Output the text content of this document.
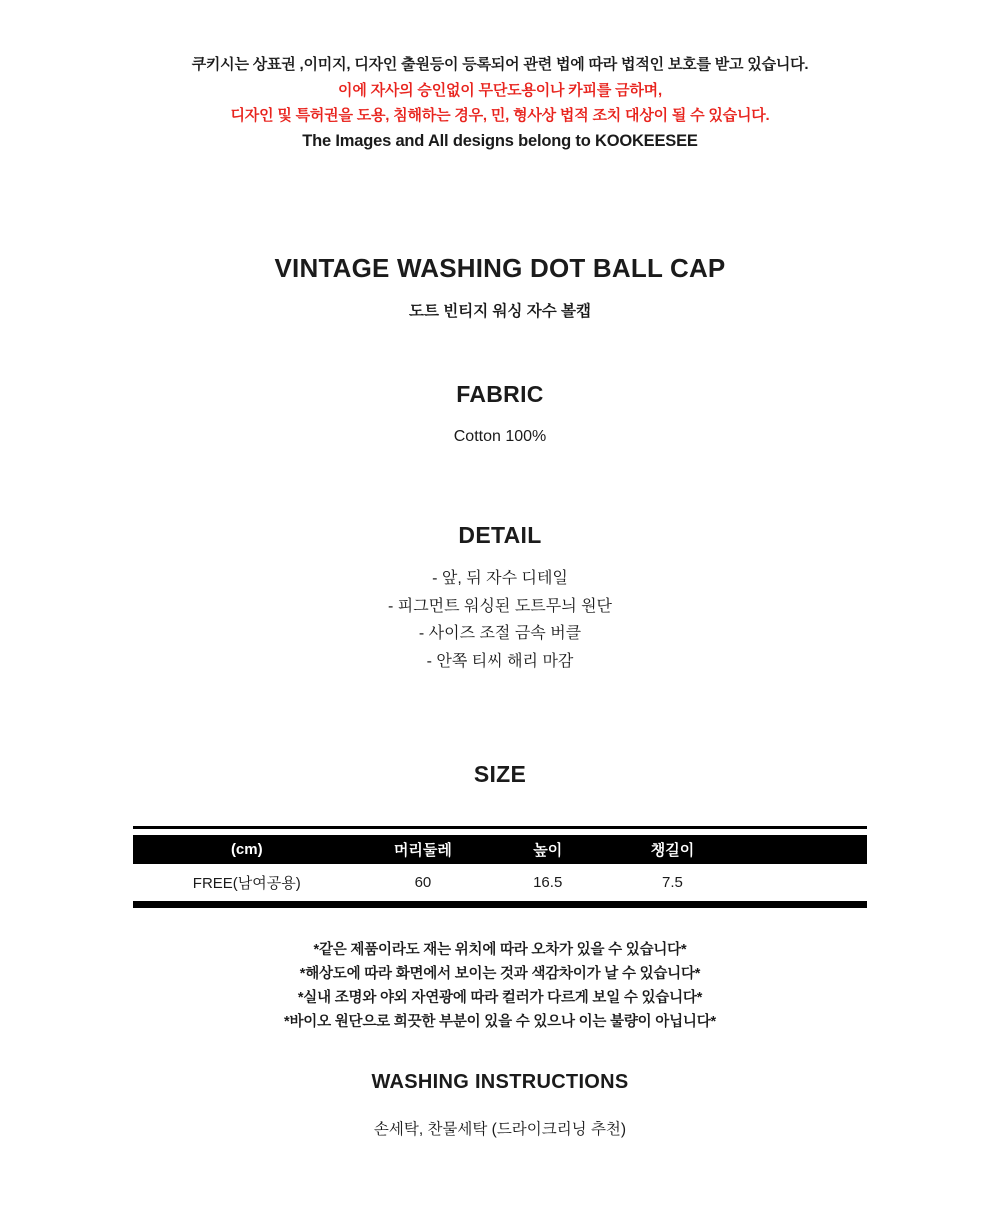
쿠키시는 상표권 ,이미지, 디자인 출원등이 등록되어 관련 법에 따라 법적인 보호를 받고 있습니다.

이에 자사의 승인없이 무단도용이나 카피를 금하며,

디자인 및 특허권을 도용, 침해하는 경우, 민, 형사상 법적 조치 대상이 될 수 있습니다.

The Images and All designs belong to KOOKEESEE

VINTAGE WASHING DOT BALL CAP

도트 빈티지 워싱 자수 볼캡

FABRIC

Cotton 100%

DETAIL

- 앞, 뒤 자수 디테일

- 피그먼트 워싱된 도트무늬 원단

- 사이즈 조절 금속 버클

- 안쪽 티씨 해리 마감

SIZE
(cm)	머리둘레	높이	챙길이	
FREE(남여공용)	60	16.5	7.5	

*같은 제품이라도 재는 위치에 따라 오차가 있을 수 있습니다*

*해상도에 따라 화면에서 보이는 것과 색감차이가 날 수 있습니다*

*실내 조명와 야외 자연광에 따라 컬러가 다르게 보일 수 있습니다*

*바이오 원단으로 희끗한 부분이 있을 수 있으나 이는 불량이 아닙니다*

WASHING INSTRUCTIONS

손세탁, 찬물세탁 (드라이크리닝 추천)
